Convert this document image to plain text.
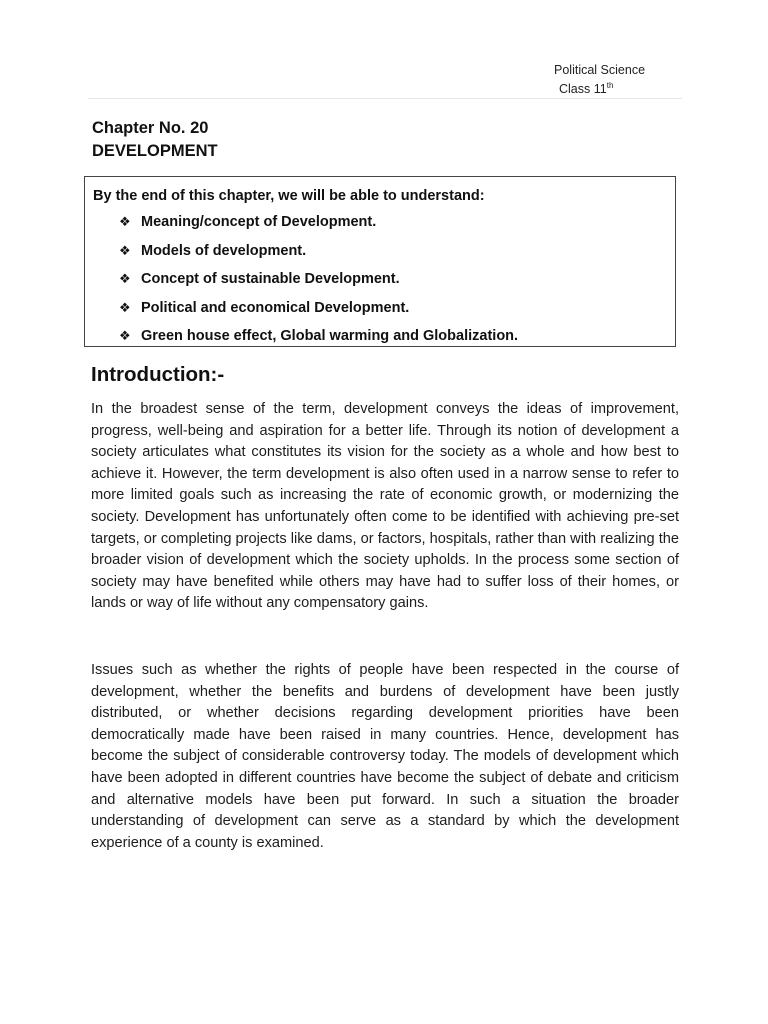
Political Science
Class 11th
Chapter No. 20
DEVELOPMENT
By the end of this chapter, we will be able to understand:
❖ Meaning/concept of Development.
❖ Models of development.
❖ Concept of sustainable Development.
❖ Political and economical Development.
❖ Green house effect, Global warming and Globalization.
Introduction:-

In the broadest sense of the term, development conveys the ideas of improvement, progress, well-being and aspiration for a better life. Through its notion of development a society articulates what constitutes its vision for the society as a whole and how best to achieve it. However, the term development is also often used in a narrow sense to refer to more limited goals such as increasing the rate of economic growth, or modernizing the society. Development has unfortunately often come to be identified with achieving pre-set targets, or completing projects like dams, or factors, hospitals, rather than with realizing the broader vision of development which the society upholds. In the process some section of society may have benefited while others may have had to suffer loss of their homes, or lands or way of life without any compensatory gains.

Issues such as whether the rights of people have been respected in the course of development, whether the benefits and burdens of development have been justly distributed, or whether decisions regarding development priorities have been democratically made have been raised in many countries. Hence, development has become the subject of considerable controversy today. The models of development which have been adopted in different countries have become the subject of debate and criticism and alternative models have been put forward. In such a situation the broader understanding of development can serve as a standard by which the development experience of a county is examined.
